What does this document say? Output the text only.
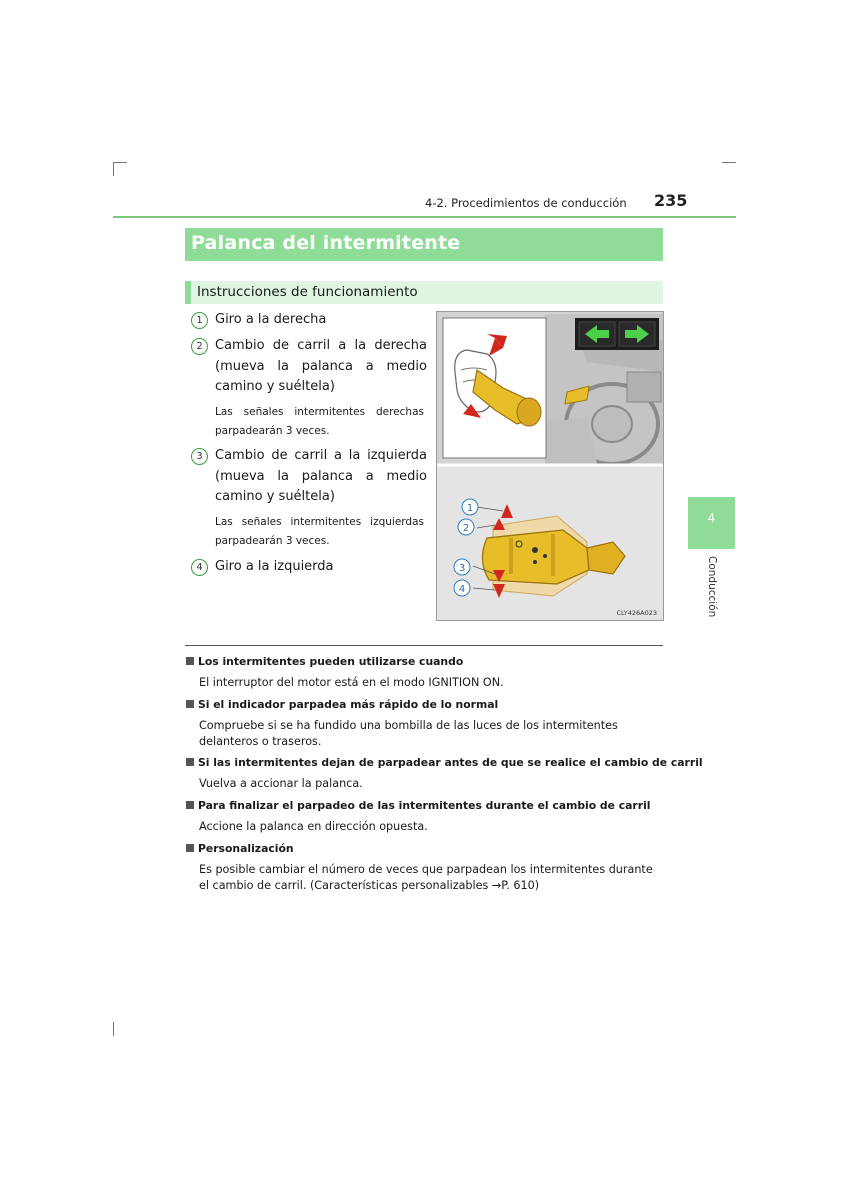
4-2. Procedimientos de conducción 235
Palanca del intermitente
Instrucciones de funcionamiento
1 Giro a la derecha
2 Cambio de carril a la derecha (mueva la palanca a medio camino y suéltela)
Las señales intermitentes derechas parpadearán 3 veces.
3 Cambio de carril a la izquierda (mueva la palanca a medio camino y suéltela)
Las señales intermitentes izquierdas parpadearán 3 veces.
4 Giro a la izquierda
1
2
3
4
CLY426A023
Los intermitentes pueden utilizarse cuando
El interruptor del motor está en el modo IGNITION ON.
Si el indicador parpadea más rápido de lo normal
Compruebe si se ha fundido una bombilla de las luces de los intermitentes delanteros o traseros.
Si las intermitentes dejan de parpadear antes de que se realice el cambio de carril
Vuelva a accionar la palanca.
Para finalizar el parpadeo de las intermitentes durante el cambio de carril
Accione la palanca en dirección opuesta.
Personalización
Es posible cambiar el número de veces que parpadean los intermitentes durante el cambio de carril. (Características personalizables →P. 610)
4
Conducción
